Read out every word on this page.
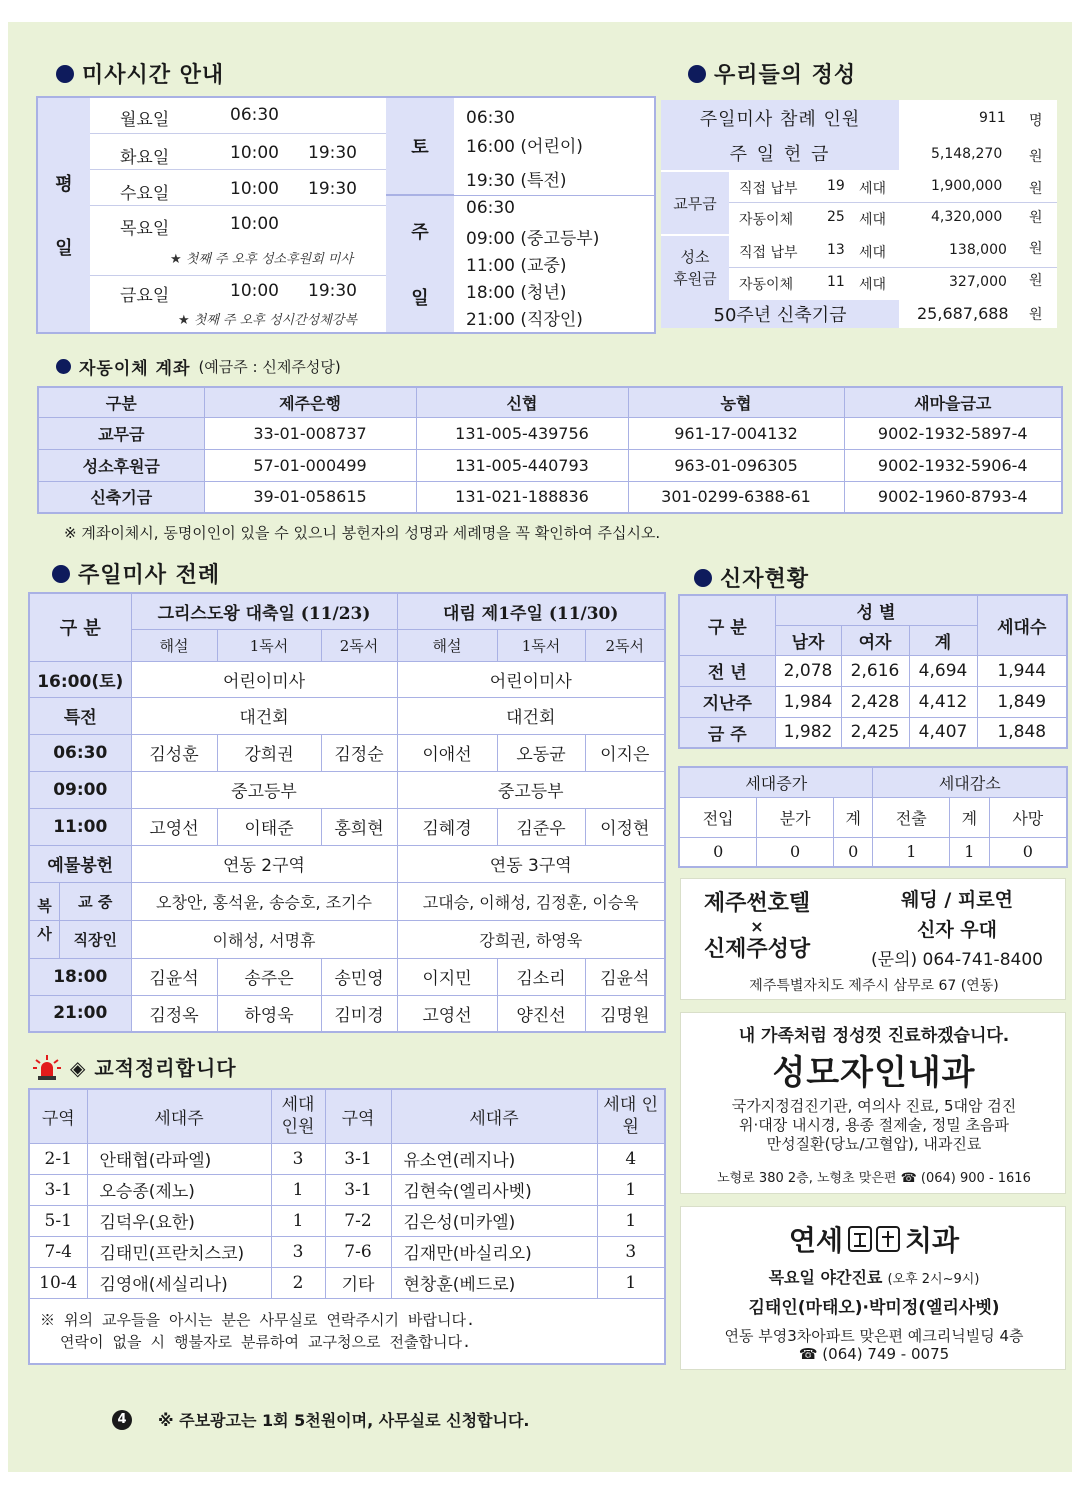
미사시간 안내
평
일
월요일	06:30
화요일	10:00 19:30
수요일	10:00 19:30
목요일	10:00
★ 첫째 주 오후 성소후원회 미사
금요일	10:00 19:30
★ 첫째 주 오후 성시간성체강복
토
06:30
16:00 (어린이)
19:30 (특전)
주
일
06:30
09:00 (중고등부)
11:00 (교중)
18:00 (청년)
21:00 (직장인)
우리들의 정성
주일미사 참례 인원	911 명
주 일 헌 금	5,148,270 원
교무금
직접 납부 19 세대	1,900,000 원
자동이체 25 세대	4,320,000 원
성소
후원금
직접 납부 13 세대	138,000 원
자동이체 11 세대	327,000 원
50주년 신축기금	25,687,688 원
자동이체 계좌 (예금주 : 신제주성당)
구분	제주은행	신협	농협	새마을금고
교무금	33-01-008737	131-005-439756	961-17-004132	9002-1932-5897-4
성소후원금	57-01-000499	131-005-440793	963-01-096305	9002-1932-5906-4
신축기금	39-01-058615	131-021-188836	301-0299-6388-61	9002-1960-8793-4
※ 계좌이체시, 동명이인이 있을 수 있으니 봉헌자의 성명과 세례명을 꼭 확인하여 주십시오.
주일미사 전례
구 분	그리스도왕 대축일 (11/23)			대림 제1주일 (11/30)		
	해설	1독서	2독서	해설	1독서	2독서
16:00(토)	어린이미사			어린이미사		
특전	대건회			대건회		
06:30	김성훈	강희권	김정순	이애선	오동균	이지은
09:00	중고등부			중고등부		
11:00	고영선	이태준	홍희현	김혜경	김준우	이정현
예물봉헌	연동 2구역			연동 3구역		

복 교 중	오창안, 홍석윤, 송승호, 조기수			고대승, 이해성, 김정훈, 이승욱		

사 직장인	이해성, 서명휴			강희권, 하영욱		
18:00	김윤석	송주은	송민영	이지민	김소리	김윤석
21:00	김정옥	하영욱	김미경	고영선	양진선	김명원
신자현황
구 분	성 별			세대수
	남자	여자	계	
전 년	2,078	2,616	4,694	1,944
지난주	1,984	2,428	4,412	1,849
금 주	1,982	2,425	4,407	1,848
세대증가			세대감소		
전입	분가	계	전출	계	사망
0	0	0	1	1	0
제주썬호텔
×
신제주성당
웨딩 / 피로연
신자 우대
(문의) 064-741-8400
제주특별자치도 제주시 삼무로 67 (연동)
내 가족처럼 정성껏 진료하겠습니다.
성모자인내과
국가지정검진기관, 여의사 진료, 5대암 검진
위·대장 내시경, 용종 절제술, 정밀 초음파
만성질환(당뇨/고혈압), 내과진료
노형로 380 2층, 노형초 맞은편 ☎ (064) 900 - 1616
연세 치과
목요일 야간진료 (오후 2시~9시)
김태인(마태오)·박미정(엘리사벳)
연동 부영3차아파트 맞은편 예크리닉빌딩 4층
☎ (064) 749 - 0075
◈ 교적정리합니다
구역	세대주	세대 인원	구역	세대주	세대 인원
2-1	안태협(라파엘)	3	3-1	유소연(레지나)	4
3-1	오승종(제노)	1	3-1	김현숙(엘리사벳)	1
5-1	김덕우(요한)	1	7-2	김은성(미카엘)	1
7-4	김태민(프란치스코)	3	7-6	김재만(바실리오)	3
10-4	김영애(세실리나)	2	기타	현창훈(베드로)	1

※ 위의 교우들을 아시는 분은 사무실로 연락주시기 바랍니다.
연락이 없을 시 행불자로 분류하여 교구청으로 전출합니다.					
4	※ 주보광고는 1회 5천원이며, 사무실로 신청합니다.
